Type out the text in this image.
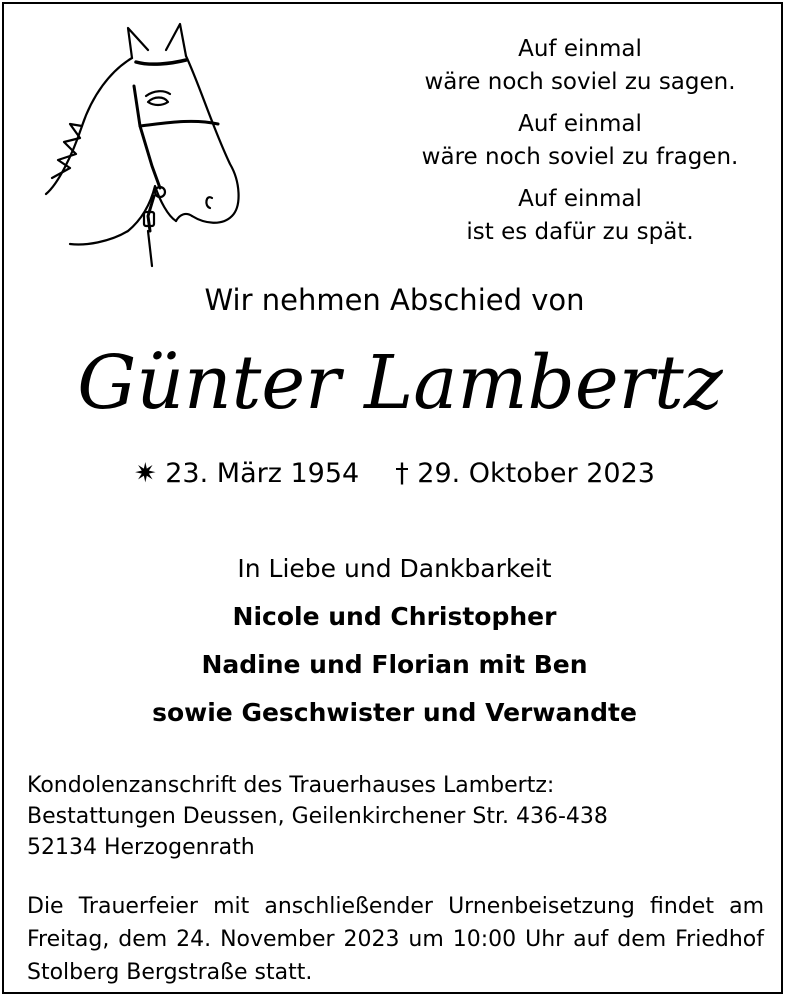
Auf einmal
wäre noch soviel zu sagen.
Auf einmal
wäre noch soviel zu fragen.
Auf einmal
ist es dafür zu spät.
Wir nehmen Abschied von
Günter Lambertz
✷ 23. März 1954 † 29. Oktober 2023
In Liebe und Dankbarkeit
Nicole und Christopher
Nadine und Florian mit Ben
sowie Geschwister und Verwandte
Kondolenzanschrift des Trauerhauses Lambertz:
Bestattungen Deussen, Geilenkirchener Str. 436-438
52134 Herzogenrath
Die Trauerfeier mit anschließender Urnenbeisetzung findet am Freitag, dem 24. November 2023 um 10:00 Uhr auf dem Friedhof Stolberg Bergstraße statt.
